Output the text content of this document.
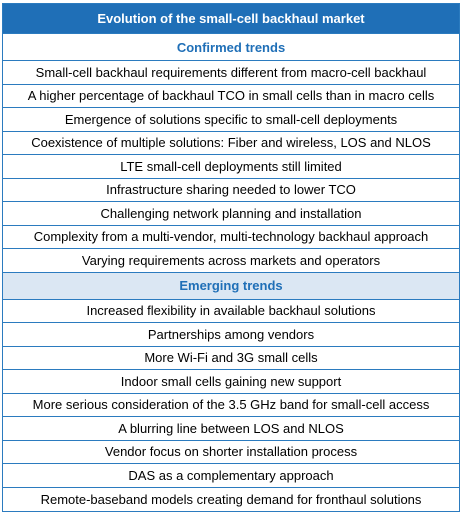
Evolution of the small-cell backhaul market
Confirmed trends
Small-cell backhaul requirements different from macro-cell backhaul
A higher percentage of backhaul TCO in small cells than in macro cells
Emergence of solutions specific to small-cell deployments
Coexistence of multiple solutions: Fiber and wireless, LOS and NLOS
LTE small-cell deployments still limited
Infrastructure sharing needed to lower TCO
Challenging network planning and installation
Complexity from a multi-vendor, multi-technology backhaul approach
Varying requirements across markets and operators
Emerging trends
Increased flexibility in available backhaul solutions
Partnerships among vendors
More Wi-Fi and 3G small cells
Indoor small cells gaining new support
More serious consideration of the 3.5 GHz band for small-cell access
A blurring line between LOS and NLOS
Vendor focus on shorter installation process
DAS as a complementary approach
Remote-baseband models creating demand for fronthaul solutions
